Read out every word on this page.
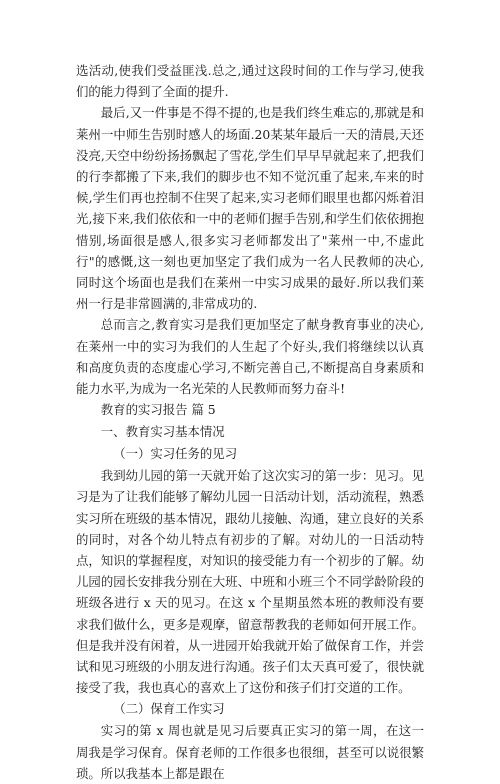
选活动,使我们受益匪浅.总之,通过这段时间的工作与学习,使我们的能力得到了全面的提升.

最后,又一件事是不得不提的,也是我们终生难忘的,那就是和莱州一中师生告别时感人的场面.20某某年最后一天的清晨,天还没亮,天空中纷纷扬扬飘起了雪花,学生们早早早就起来了,把我们的行李都搬了下来,我们的脚步也不知不觉沉重了起来,车来的时候,学生们再也控制不住哭了起来,实习老师们眼里也都闪烁着泪光,接下来,我们依依和一中的老师们握手告别,和学生们依依拥抱惜别,场面很是感人,很多实习老师都发出了"莱州一中,不虚此行"的感慨,这一刻也更加坚定了我们成为一名人民教师的决心,同时这个场面也是我们在莱州一中实习成果的最好.所以我们莱州一行是非常圆满的,非常成功的.

总而言之,教育实习是我们更加坚定了献身教育事业的决心,在莱州一中的实习为我们的人生起了个好头,我们将继续以认真和高度负责的态度虚心学习,不断完善自己,不断提高自身素质和能力水平,为成为一名光荣的人民教师而努力奋斗!

教育的实习报告 篇 5

一、教育实习基本情况

（一）实习任务的见习

我到幼儿园的第一天就开始了这次实习的第一步：见习。见习是为了让我们能够了解幼儿园一日活动计划，活动流程，熟悉实习所在班级的基本情况，跟幼儿接触、沟通，建立良好的关系的同时，对各个幼儿特点有初步的了解。对幼儿的一日活动特点，知识的掌握程度，对知识的接受能力有一个初步的了解。幼儿园的园长安排我分别在大班、中班和小班三个不同学龄阶段的班级各进行 x 天的见习。在这 x 个星期虽然本班的教师没有要求我们做什么，更多是观摩，留意帮教我的老师如何开展工作。但是我并没有闲着，从一进园开始我就开始了做保育工作，并尝试和见习班级的小朋友进行沟通。孩子们太天真可爱了，很快就接受了我，我也真心的喜欢上了这份和孩子们打交道的工作。

（二）保育工作实习

实习的第 x 周也就是见习后要真正实习的第一周，在这一周我是学习保育。保育老师的工作很多也很细，甚至可以说很繁琐。所以我基本上都是跟在
